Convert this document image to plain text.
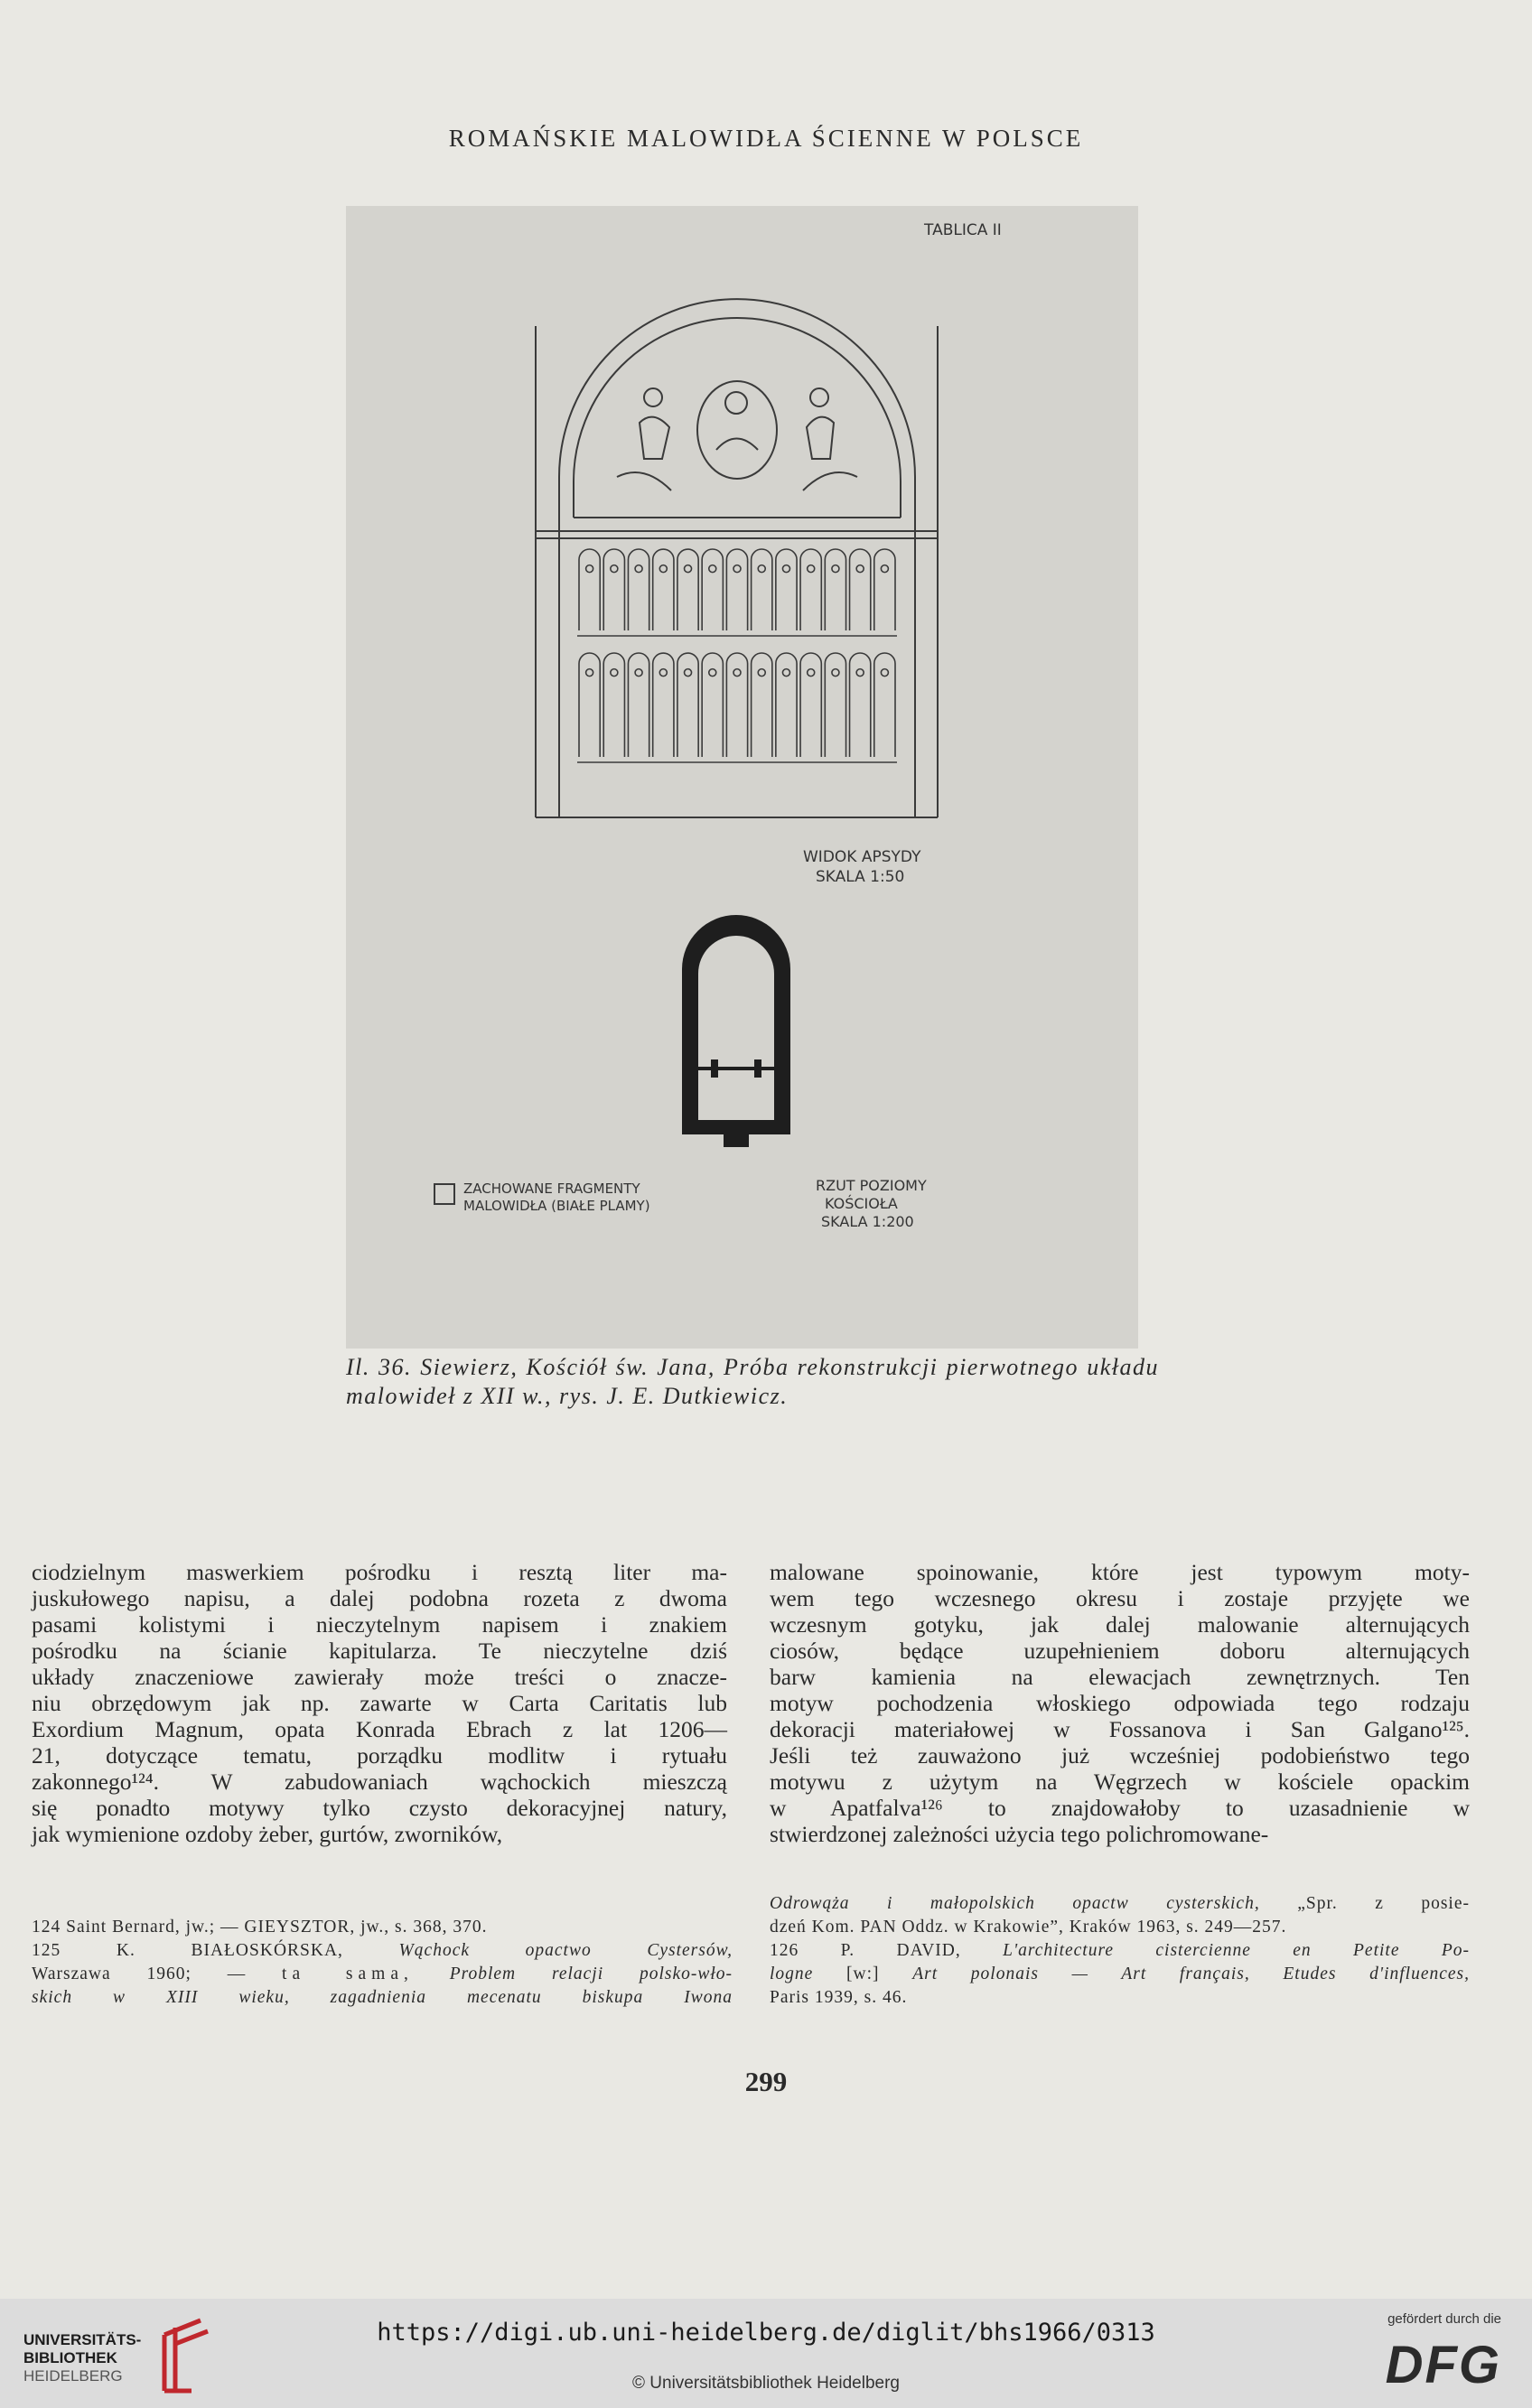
ROMAŃSKIE MALOWIDŁA ŚCIENNE W POLSCE
TABLICA II
WIDOK APSYDY
SKALA 1:50
ZACHOWANE FRAGMENTY
MALOWIDŁA (BIAŁE PLAMY)
RZUT POZIOMY
KOŚCIOŁA
SKALA 1:200
Il. 36. Siewierz, Kościół św. Jana, Próba rekonstrukcji pierwotnego układu malowideł z XII w., rys. J. E. Dutkiewicz.

ciodzielnym maswerkiem pośrodku i resztą liter ma-

juskułowego napisu, a dalej podobna rozeta z dwoma

pasami kolistymi i nieczytelnym napisem i znakiem

pośrodku na ścianie kapitularza. Te nieczytelne dziś

układy znaczeniowe zawierały może treści o znacze-

niu obrzędowym jak np. zawarte w Carta Caritatis lub

Exordium Magnum, opata Konrada Ebrach z lat 1206—

21, dotyczące tematu, porządku modlitw i rytuału

zakonnego¹²⁴. W zabudowaniach wąchockich mieszczą

się ponadto motywy tylko czysto dekoracyjnej natury,

jak wymienione ozdoby żeber, gurtów, zworników,

malowane spoinowanie, które jest typowym moty-

wem tego wczesnego okresu i zostaje przyjęte we

wczesnym gotyku, jak dalej malowanie alternujących

ciosów, będące uzupełnieniem doboru alternujących

barw kamienia na elewacjach zewnętrznych. Ten

motyw pochodzenia włoskiego odpowiada tego rodzaju

dekoracji materiałowej w Fossanova i San Galgano¹²⁵.

Jeśli też zauważono już wcześniej podobieństwo tego

motywu z użytym na Węgrzech w kościele opackim

w Apatfalva¹²⁶ to znajdowałoby to uzasadnienie w

stwierdzonej zależności użycia tego polichromowane-

124 Saint Bernard, jw.; — GIEYSZTOR, jw., s. 368, 370.

125 K. BIAŁOSKÓRSKA,	Wąchock opactwo Cystersów,

Warszawa 1960; — ta sama, Problem relacji polsko-wło-

skich w XIII wieku, zagadnienia mecenatu biskupa Iwona

Odrowąża i małopolskich opactw cysterskich, „Spr. z posie-

dzeń Kom. PAN Oddz. w Krakowie”, Kraków 1963, s. 249—257.

126 P. DAVID, L'architecture cistercienne en Petite Po-

logne [w:] Art polonais — Art français, Etudes d'influences,

Paris 1939, s. 46.

299
UNIVERSITÄTS-
BIBLIOTHEK
HEIDELBERG
https://digi.ub.uni-heidelberg.de/diglit/bhs1966/0313
© Universitätsbibliothek Heidelberg
gefördert durch die
DFG
